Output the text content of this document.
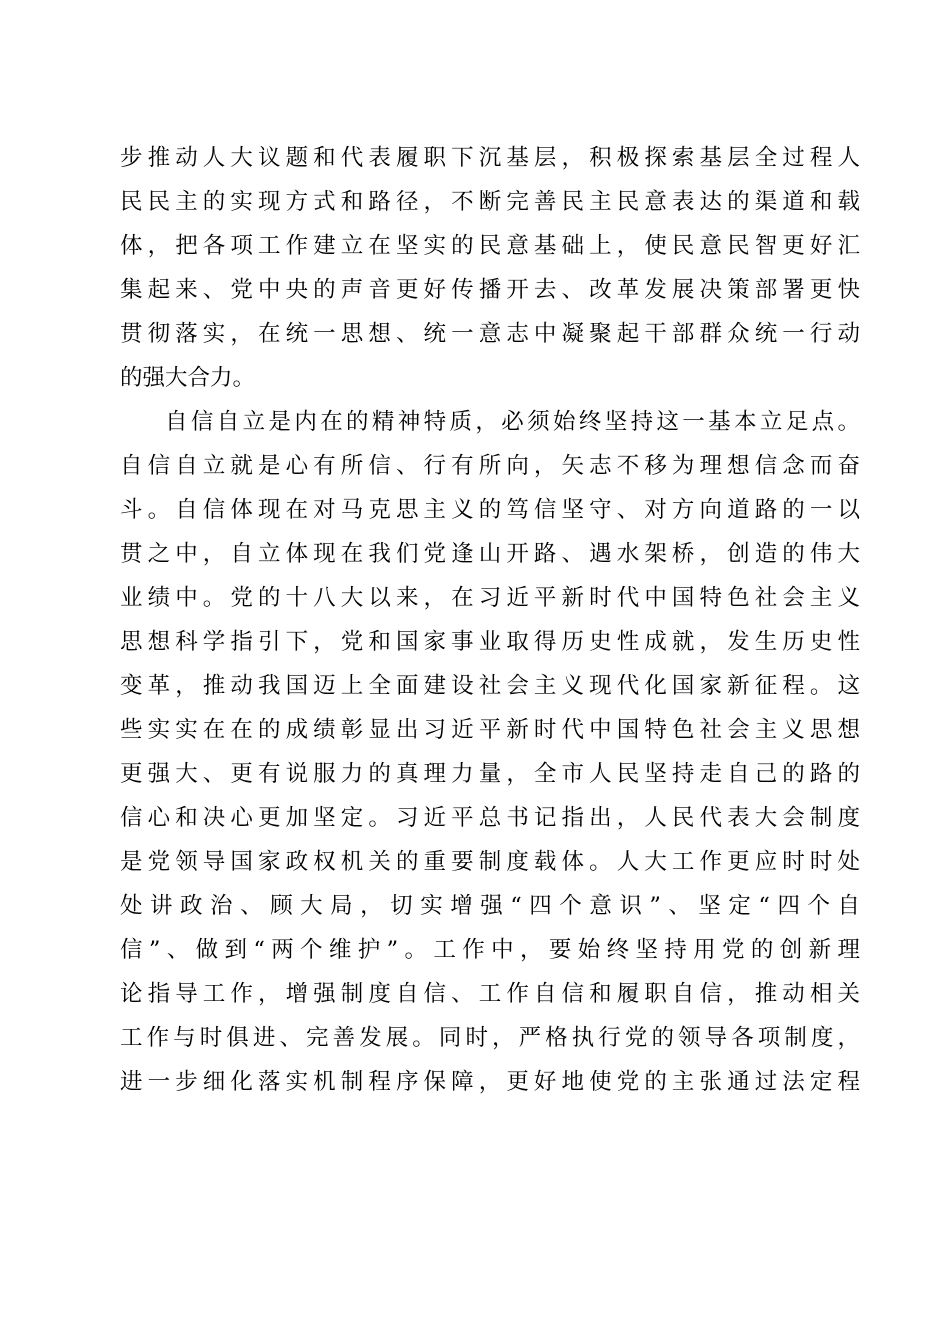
步推动人大议题和代表履职下沉基层，积极探索基层全过程人
民民主的实现方式和路径，不断完善民主民意表达的渠道和载
体，把各项工作建立在坚实的民意基础上，使民意民智更好汇
集起来、党中央的声音更好传播开去、改革发展决策部署更快
贯彻落实，在统一思想、统一意志中凝聚起干部群众统一行动
的强大合力。
自信自立是内在的精神特质，必须始终坚持这一基本立足点。
自信自立就是心有所信、行有所向，矢志不移为理想信念而奋
斗。自信体现在对马克思主义的笃信坚守、对方向道路的一以
贯之中，自立体现在我们党逢山开路、遇水架桥，创造的伟大
业绩中。党的十八大以来，在习近平新时代中国特色社会主义
思想科学指引下，党和国家事业取得历史性成就，发生历史性
变革，推动我国迈上全面建设社会主义现代化国家新征程。这
些实实在在的成绩彰显出习近平新时代中国特色社会主义思想
更强大、更有说服力的真理力量，全市人民坚持走自己的路的
信心和决心更加坚定。习近平总书记指出，人民代表大会制度
是党领导国家政权机关的重要制度载体。人大工作更应时时处
处讲政治、顾大局，切实增强“四个意识”、坚定“四个自
信”、做到“两个维护”。工作中，要始终坚持用党的创新理
论指导工作，增强制度自信、工作自信和履职自信，推动相关
工作与时俱进、完善发展。同时，严格执行党的领导各项制度，
进一步细化落实机制程序保障，更好地使党的主张通过法定程
